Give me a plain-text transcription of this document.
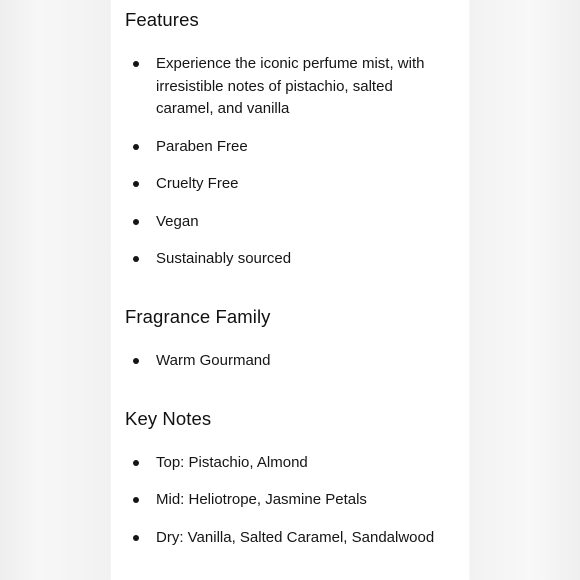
Features
Experience the iconic perfume mist, with irresistible notes of pistachio, salted caramel, and vanilla
Paraben Free
Cruelty Free
Vegan
Sustainably sourced
Fragrance Family
Warm Gourmand
Key Notes
Top: Pistachio, Almond
Mid: Heliotrope, Jasmine Petals
Dry: Vanilla, Salted Caramel, Sandalwood
